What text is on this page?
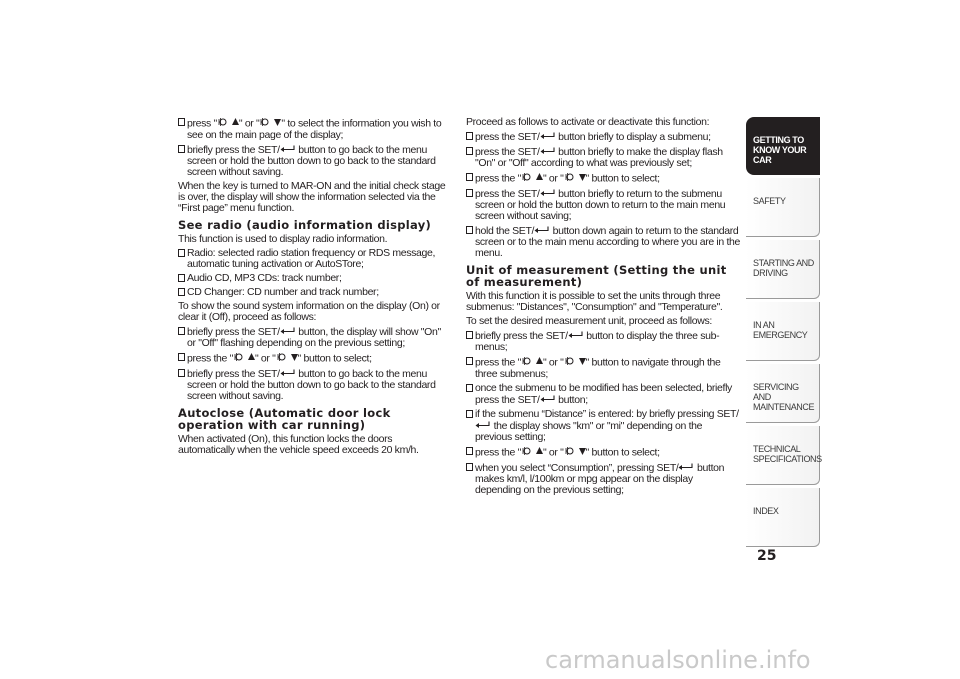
press " " or " " to select the information you wish to see on the main page of the display;
briefly press the SET/ button to go back to the menu screen or hold the button down to go back to the standard screen without saving.
When the key is turned to MAR-ON and the initial check stage is over, the display will show the information selected via the “First page” menu function.
See radio (audio information display)
This function is used to display radio information.
Radio: selected radio station frequency or RDS message, automatic tuning activation or AutoSTore;
Audio CD, MP3 CDs: track number;
CD Changer: CD number and track number;
To show the sound system information on the display (On) or clear it (Off), proceed as follows:
briefly press the SET/ button, the display will show "On" or "Off" flashing depending on the previous setting;
press the " " or " " button to select;
briefly press the SET/ button to go back to the menu screen or hold the button down to go back to the standard screen without saving.
Autoclose (Automatic door lock operation with car running)
When activated (On), this function locks the doors automatically when the vehicle speed exceeds 20 km/h.
Proceed as follows to activate or deactivate this function:
press the SET/ button briefly to display a submenu;
press the SET/ button briefly to make the display flash "On" or "Off" according to what was previously set;
press the " " or " " button to select;
press the SET/ button briefly to return to the submenu screen or hold the button down to return to the main menu screen without saving;
hold the SET/ button down again to return to the standard screen or to the main menu according to where you are in the menu.
Unit of measurement (Setting the unit of measurement)
With this function it is possible to set the units through three submenus: "Distances", "Consumption" and "Temperature".
To set the desired measurement unit, proceed as follows:
briefly press the SET/ button to display the three sub-menus;
press the " " or " " button to navigate through the three submenus;
once the submenu to be modified has been selected, briefly press the SET/ button;
if the submenu “Distance” is entered: by briefly pressing SET/ the display shows "km" or "mi" depending on the previous setting;
press the " " or " " button to select;
when you select “Consumption”, pressing SET/ button makes km/l, l/100km or mpg appear on the display depending on the previous setting;
GETTING TO
KNOW YOUR CAR
SAFETY
STARTING AND
DRIVING
IN AN EMERGENCY
SERVICING AND
MAINTENANCE
TECHNICAL
SPECIFICATIONS
INDEX
25
carmanualsonline.info
